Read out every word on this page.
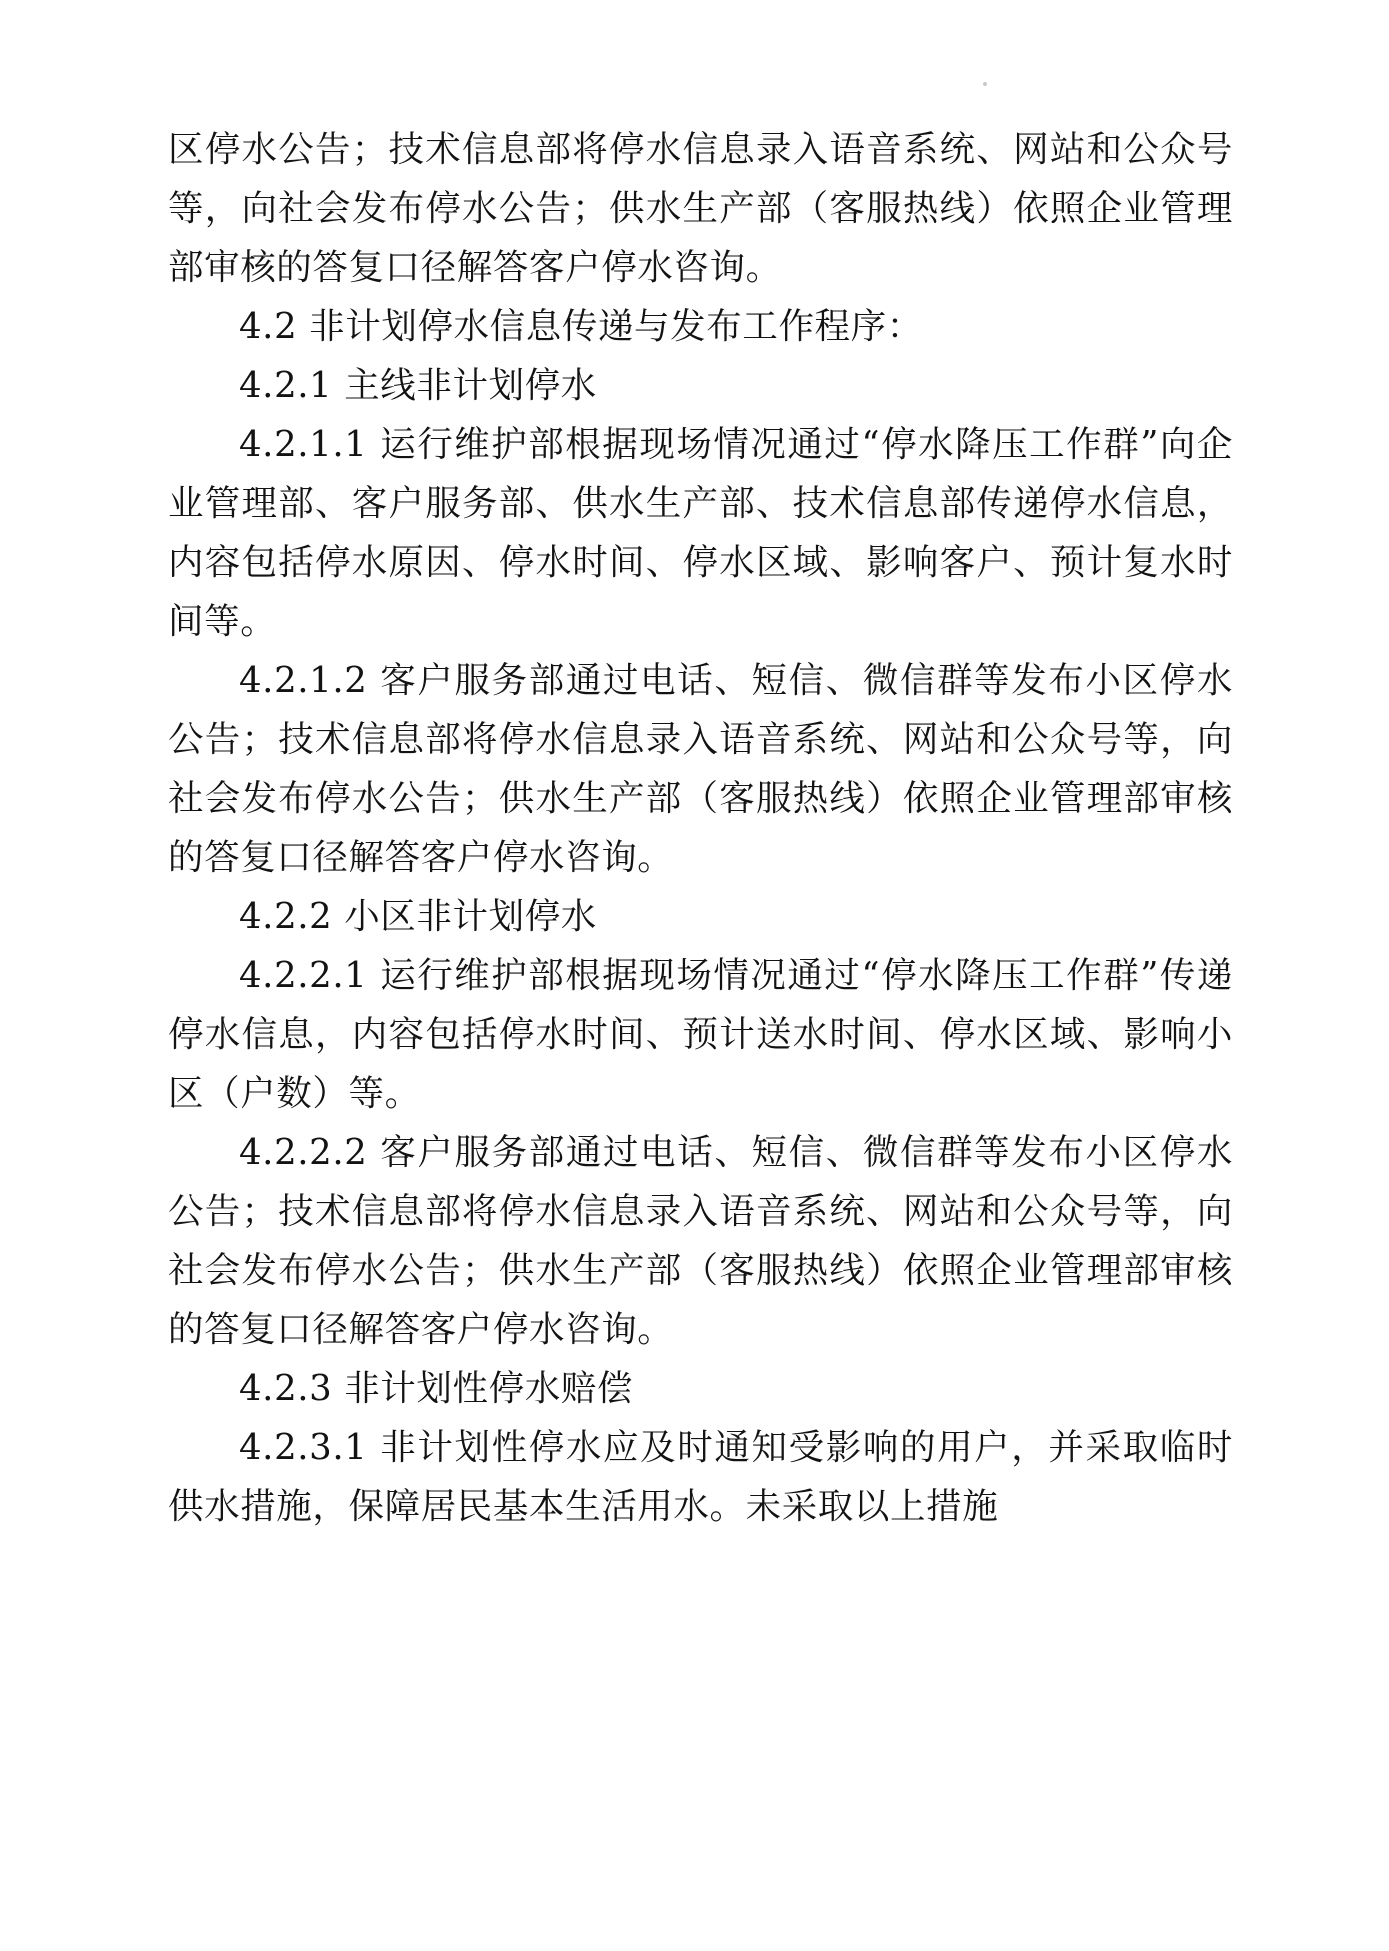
区停水公告；技术信息部将停水信息录入语音系统、网站和公众号等，向社会发布停水公告；供水生产部（客服热线）依照企业管理部审核的答复口径解答客户停水咨询。

4.2 非计划停水信息传递与发布工作程序：

4.2.1 主线非计划停水

4.2.1.1 运行维护部根据现场情况通过“停水降压工作群”向企业管理部、客户服务部、供水生产部、技术信息部传递停水信息，内容包括停水原因、停水时间、停水区域、影响客户、预计复水时间等。

4.2.1.2 客户服务部通过电话、短信、微信群等发布小区停水公告；技术信息部将停水信息录入语音系统、网站和公众号等，向社会发布停水公告；供水生产部（客服热线）依照企业管理部审核的答复口径解答客户停水咨询。

4.2.2 小区非计划停水

4.2.2.1 运行维护部根据现场情况通过“停水降压工作群”传递停水信息，内容包括停水时间、预计送水时间、停水区域、影响小区（户数）等。

4.2.2.2 客户服务部通过电话、短信、微信群等发布小区停水公告；技术信息部将停水信息录入语音系统、网站和公众号等，向社会发布停水公告；供水生产部（客服热线）依照企业管理部审核的答复口径解答客户停水咨询。

4.2.3 非计划性停水赔偿

4.2.3.1 非计划性停水应及时通知受影响的用户，并采取临时供水措施，保障居民基本生活用水。未采取以上措施
